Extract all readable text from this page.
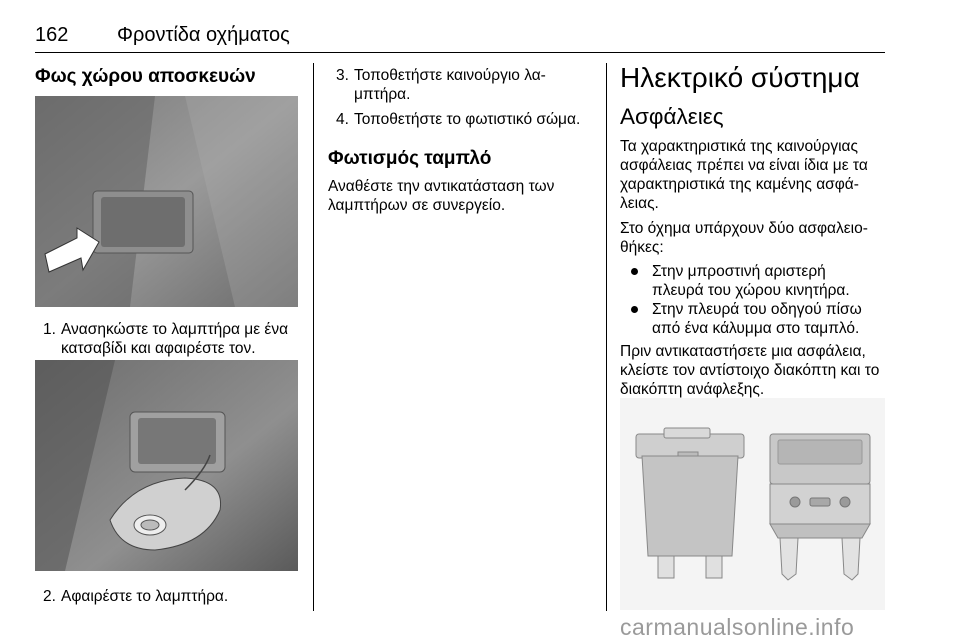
162 Φροντίδα οχήματος
Φως χώρου αποσκευών
1. Ανασηκώστε το λαμπτήρα με ένα
κατσαβίδι και αφαιρέστε τον.
2. Αφαιρέστε το λαμπτήρα.
3. Τοποθετήστε καινούργιο λα-
μπτήρα.
4. Τοποθετήστε το φωτιστικό σώμα.
Φωτισμός ταμπλό
Αναθέστε την αντικατάσταση των
λαμπτήρων σε συνεργείο.
Ηλεκτρικό σύστημα
Ασφάλειες
Τα χαρακτηριστικά της καινούργιας
ασφάλειας πρέπει να είναι ίδια με τα
χαρακτηριστικά της καμένης ασφά-
λειας.
Στο όχημα υπάρχουν δύο ασφαλειο-
θήκες:
Στην μπροστινή αριστερή
πλευρά του χώρου κινητήρα.
Στην πλευρά του οδηγού πίσω
από ένα κάλυμμα στο ταμπλό.
Πριν αντικαταστήσετε μια ασφάλεια,
κλείστε τον αντίστοιχο διακόπτη και το
διακόπτη ανάφλεξης.
carmanualsonline.info
